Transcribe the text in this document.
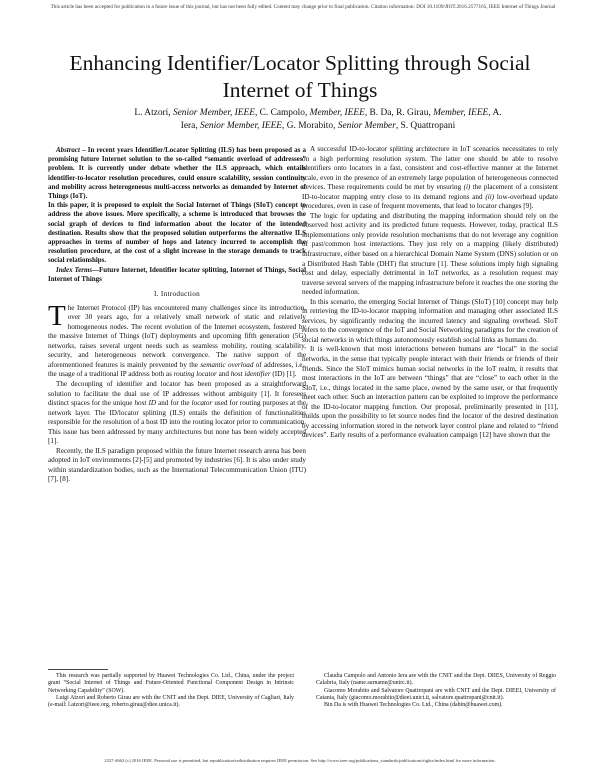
This article has been accepted for publication in a future issue of this journal, but has not been fully edited. Content may change prior to final publication. Citation information: DOI 10.1109/JIOT.2016.2577165, IEEE Internet of Things Journal
Enhancing Identifier/Locator Splitting through Social Internet of Things
L. Atzori, Senior Member, IEEE, C. Campolo, Member, IEEE, B. Da, R. Girau, Member, IEEE, A.
Iera, Senior Member, IEEE, G. Morabito, Senior Member, S. Quattropani

Abstract – In recent years Identifier/Locator Splitting (ILS) has been proposed as a promising future Internet solution to the so-called “semantic overload of addresses” problem. It is currently under debate whether the ILS approach, which entails identifier-to-locator resolution procedures, could ensure scalability, session continuity and mobility across heterogeneous multi-access networks as demanded by Internet of Things (IoT).

In this paper, it is proposed to exploit the Social Internet of Things (SIoT) concept to address the above issues. More specifically, a scheme is introduced that browses the social graph of devices to find information about the locator of the intended destination. Results show that the proposed solution outperforms the alternative ILS approaches in terms of number of hops and latency incurred to accomplish the resolution procedure, at the cost of a slight increase in the storage demands to track social relationships.

Index Terms—Future Internet, Identifier locator splitting, Internet of Things, Social Internet of Things

I. Introduction

The Internet Protocol (IP) has encountered many challenges since its introduction, over 30 years ago, for a relatively small network of static and relatively homogeneous nodes. The recent evolution of the Internet ecosystem, fostered by the massive Internet of Things (IoT) deployments and upcoming fifth generation (5G) networks, raises several urgent needs such as seamless mobility, routing scalability, security, and heterogeneous network convergence. The native support of the aforementioned features is mainly prevented by the semantic overload of addresses, i.e., the usage of a traditional IP address both as routing locator and host identifier (ID) [1].

The decoupling of identifier and locator has been proposed as a straightforward solution to facilitate the dual use of IP addresses without ambiguity [1]. It foresees distinct spaces for the unique host ID and for the locator used for routing purposes at the network layer. The ID/locator splitting (ILS) entails the definition of functionalities responsible for the resolution of a host ID into the routing locator prior to communication. This issue has been addressed by many architectures but none has been widely accepted [1].

Recently, the ILS paradigm proposed within the future Internet research arena has been adopted in IoT environments [2]-[5] and promoted by industries [6]. It is also under study within standardization bodies, such as the International Telecommunication Union (ITU) [7], [8].

A successful ID-to-locator splitting architecture in IoT scenarios necessitates to rely on a high performing resolution system. The latter one should be able to resolve identifiers onto locators in a fast, consistent and cost-effective manner at the Internet scale, even in the presence of an extremely large population of heterogeneous connected devices. These requirements could be met by ensuring (i) the placement of a consistent ID-to-locator mapping entry close to its demand regions and (ii) low-overhead update procedures, even in case of frequent movements, that lead to locator changes [9].

The logic for updating and distributing the mapping information should rely on the observed host activity and its predicted future requests. However, today, practical ILS implementations only provide resolution mechanisms that do not leverage any cognition of past/common host interactions. They just rely on a mapping (likely distributed) infrastructure, either based on a hierarchical Domain Name System (DNS) solution or on a Distributed Hash Table (DHT) flat structure [1]. These solutions imply high signaling cost and delay, especially detrimental in IoT networks, as a resolution request may traverse several servers of the mapping infrastructure before it reaches the one storing the needed information.

In this scenario, the emerging Social Internet of Things (SIoT) [10] concept may help in retrieving the ID-to-locator mapping information and managing other associated ILS services, by significantly reducing the incurred latency and signaling overhead. SIoT refers to the convergence of the IoT and Social Networking paradigms for the creation of social networks in which things autonomously establish social links as humans do.

It is well-known that most interactions between humans are “local” in the social networks, in the sense that typically people interact with their friends or friends of their friends. Since the SIoT mimics human social networks in the IoT realm, it results that most interactions in the IoT are between “things” that are “close” to each other in the SIoT, i.e., things located in the same place, owned by the same user, or that frequently meet each other. Such an interaction pattern can be exploited to improve the performance of the ID-to-locator mapping function. Our proposal, preliminarily presented in [11], builds upon the possibility to let source nodes find the locator of the desired destination by accessing information stored in the network layer control plane and related to “friend devices”. Early results of a performance evaluation campaign [12] have shown that the

This research was partially supported by Huawei Technologies Co. Ltd., China, under the project grant “Social Internet of Things and Future-Oriented Functional Component Design in Intrinsic Networking Capability” (SOW).

Luigi Atzori and Roberto Girau are with the CNIT and the Dept. DIEE, University of Cagliari, Italy (e-mail: l.atzori@ieee.org, roberto.girau@diee.unica.it).

Claudia Campolo and Antonio Iera are with the CNIT and the Dept. DIIES, University of Reggio Calabria, Italy (name.surname@unirc.it).

Giacomo Morabito and Salvatore Quattropani are with CNIT and the Dept. DIEEI, University of Catania, Italy (giacomo.morabito@dieei.unict.it, salvatore.quattropani@cnit.it).

Bin Da is with Huawei Technologies Co. Ltd., China (dabin@huawei.com).

2327-4662 (c) 2016 IEEE. Personal use is permitted, but republication/redistribution requires IEEE permission. See http://www.ieee.org/publications_standards/publications/rights/index.html for more information.
